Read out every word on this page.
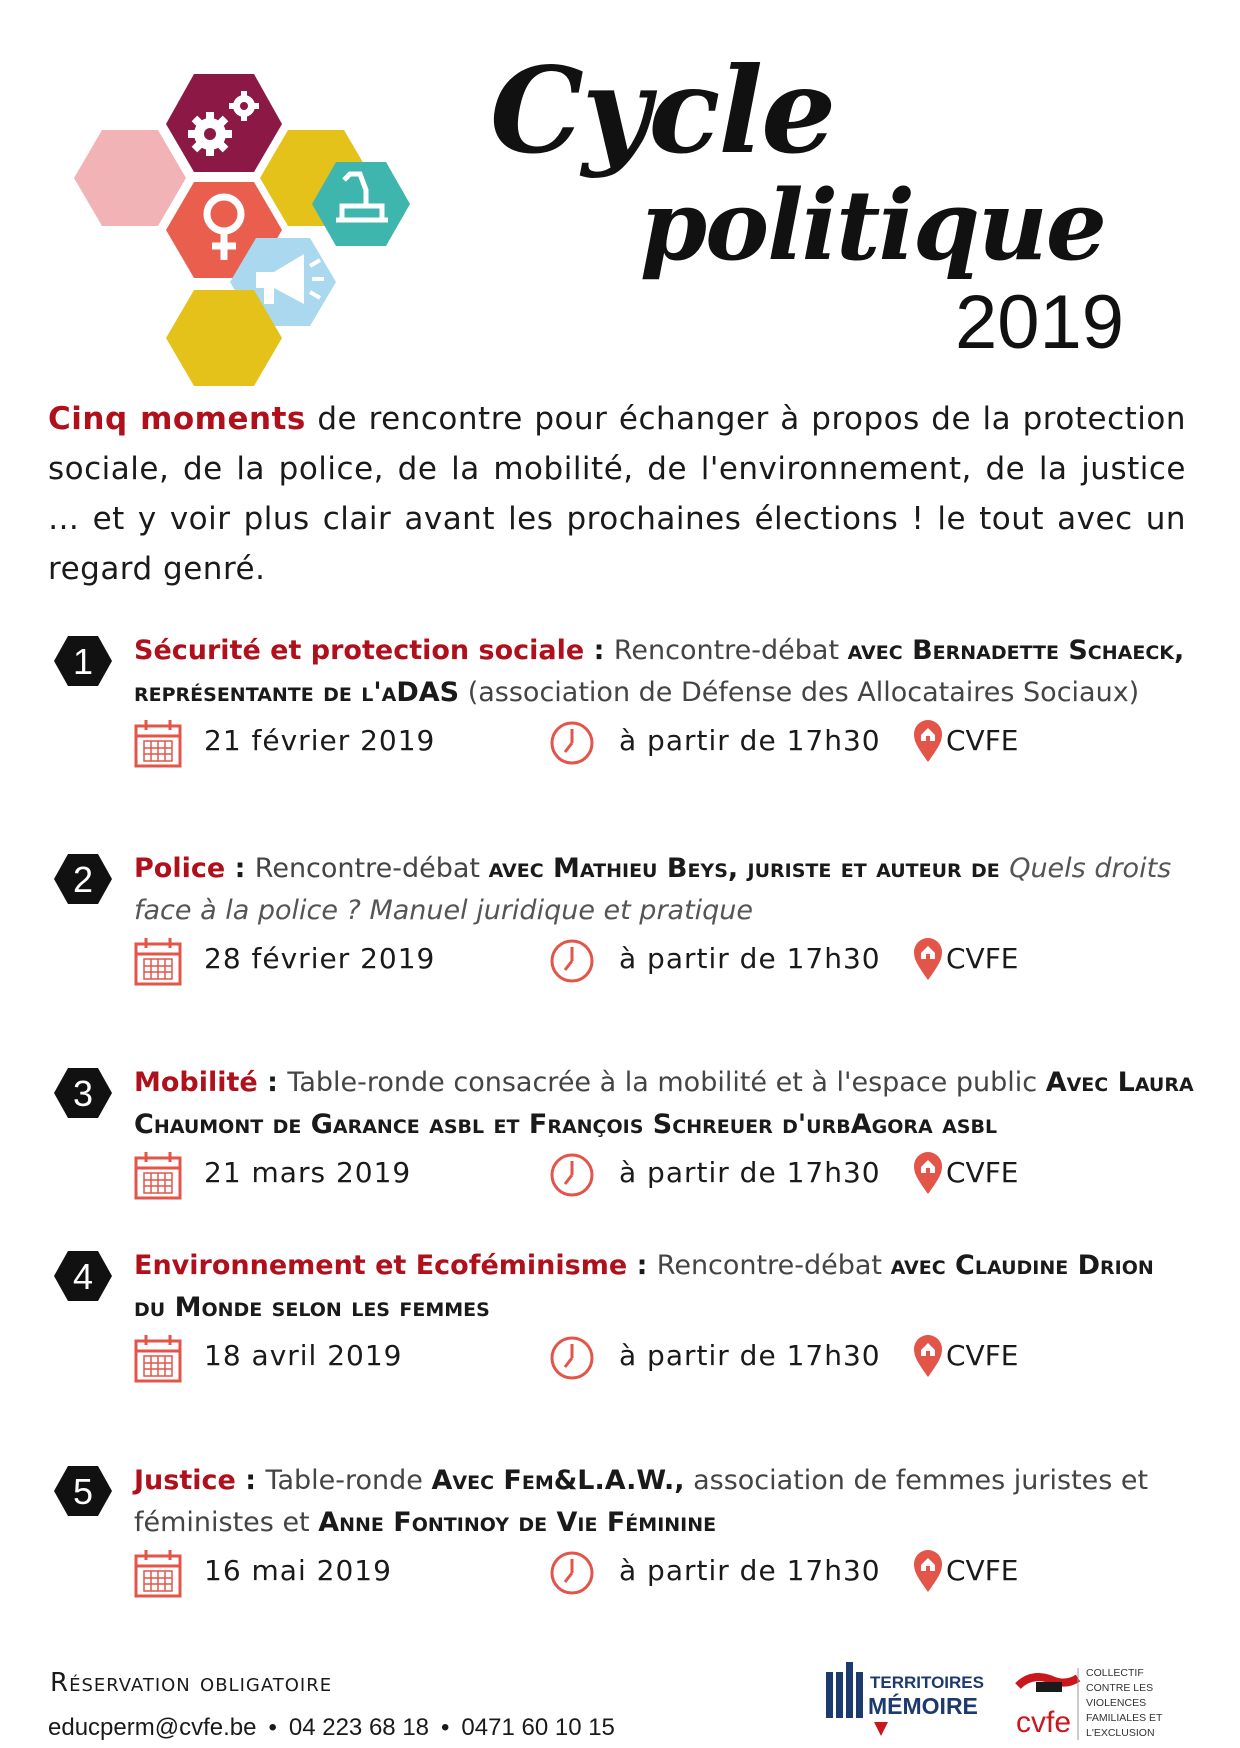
Cycle
politique
2019
Cinq moments de rencontre pour échanger à propos de la protection sociale, de la police, de la mobilité, de l'environnement, de la justice … et y voir plus clair avant les prochaines élections ! le tout avec un regard genré.
1 Sécurité et protection sociale : Rencontre-débat avec Bernadette Schaeck, représentante de l'aDAS (association de Défense des Allocataires Sociaux)
21 février 2019	à partir de 17h30 CVFE
2 Police : Rencontre-débat avec Mathieu Beys, juriste et auteur de Quels droits face à la police ? Manuel juridique et pratique
28 février 2019	à partir de 17h30 CVFE
3 Mobilité : Table-ronde consacrée à la mobilité et à l'espace public Avec Laura Chaumont de Garance asbl et François Schreuer d'urbAgora asbl
21 mars 2019	à partir de 17h30 CVFE
4 Environnement et Ecoféminisme : Rencontre-débat avec Claudine Drion du Monde selon les femmes
18 avril 2019	à partir de 17h30 CVFE
5 Justice : Table-ronde Avec Fem&L.A.W., association de femmes juristes et féministes et Anne Fontinoy de Vie Féminine
16 mai 2019	à partir de 17h30 CVFE
Réservation obligatoire
educperm@cvfe.be • 04 223 68 18 • 0471 60 10 15
TERRITOIRES
MÉMOIRE cvfe
COLLECTIF CONTRE LES VIOLENCES FAMILIALES ET L'EXCLUSION
